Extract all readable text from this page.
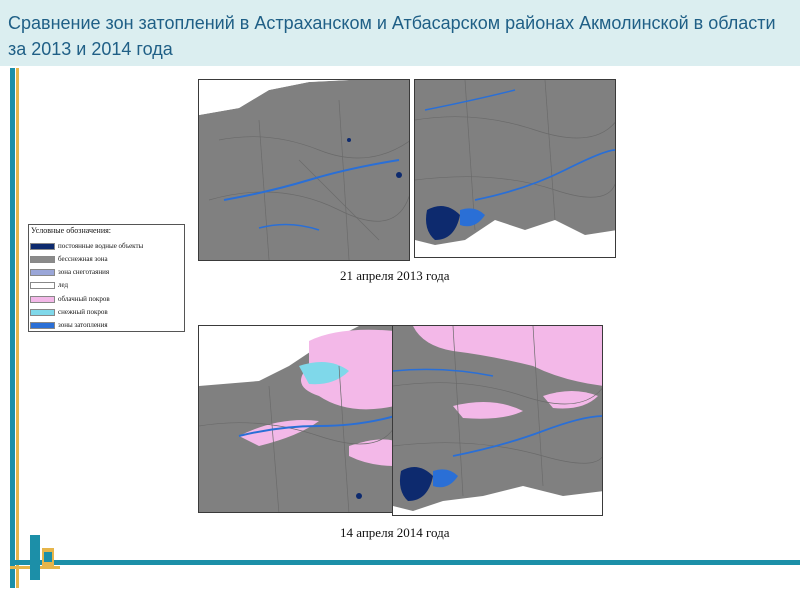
Сравнение зон затоплений в Астраханском и Атбасарском районах Акмолинской в области за 2013 и 2014 года
21 апреля 2013 года
Условные обозначения:
постоянные водные объекты
бесснежная зона
зона снеготаяния
лед
облачный покров
снежный покров
зоны затопления
14 апреля 2014 года
